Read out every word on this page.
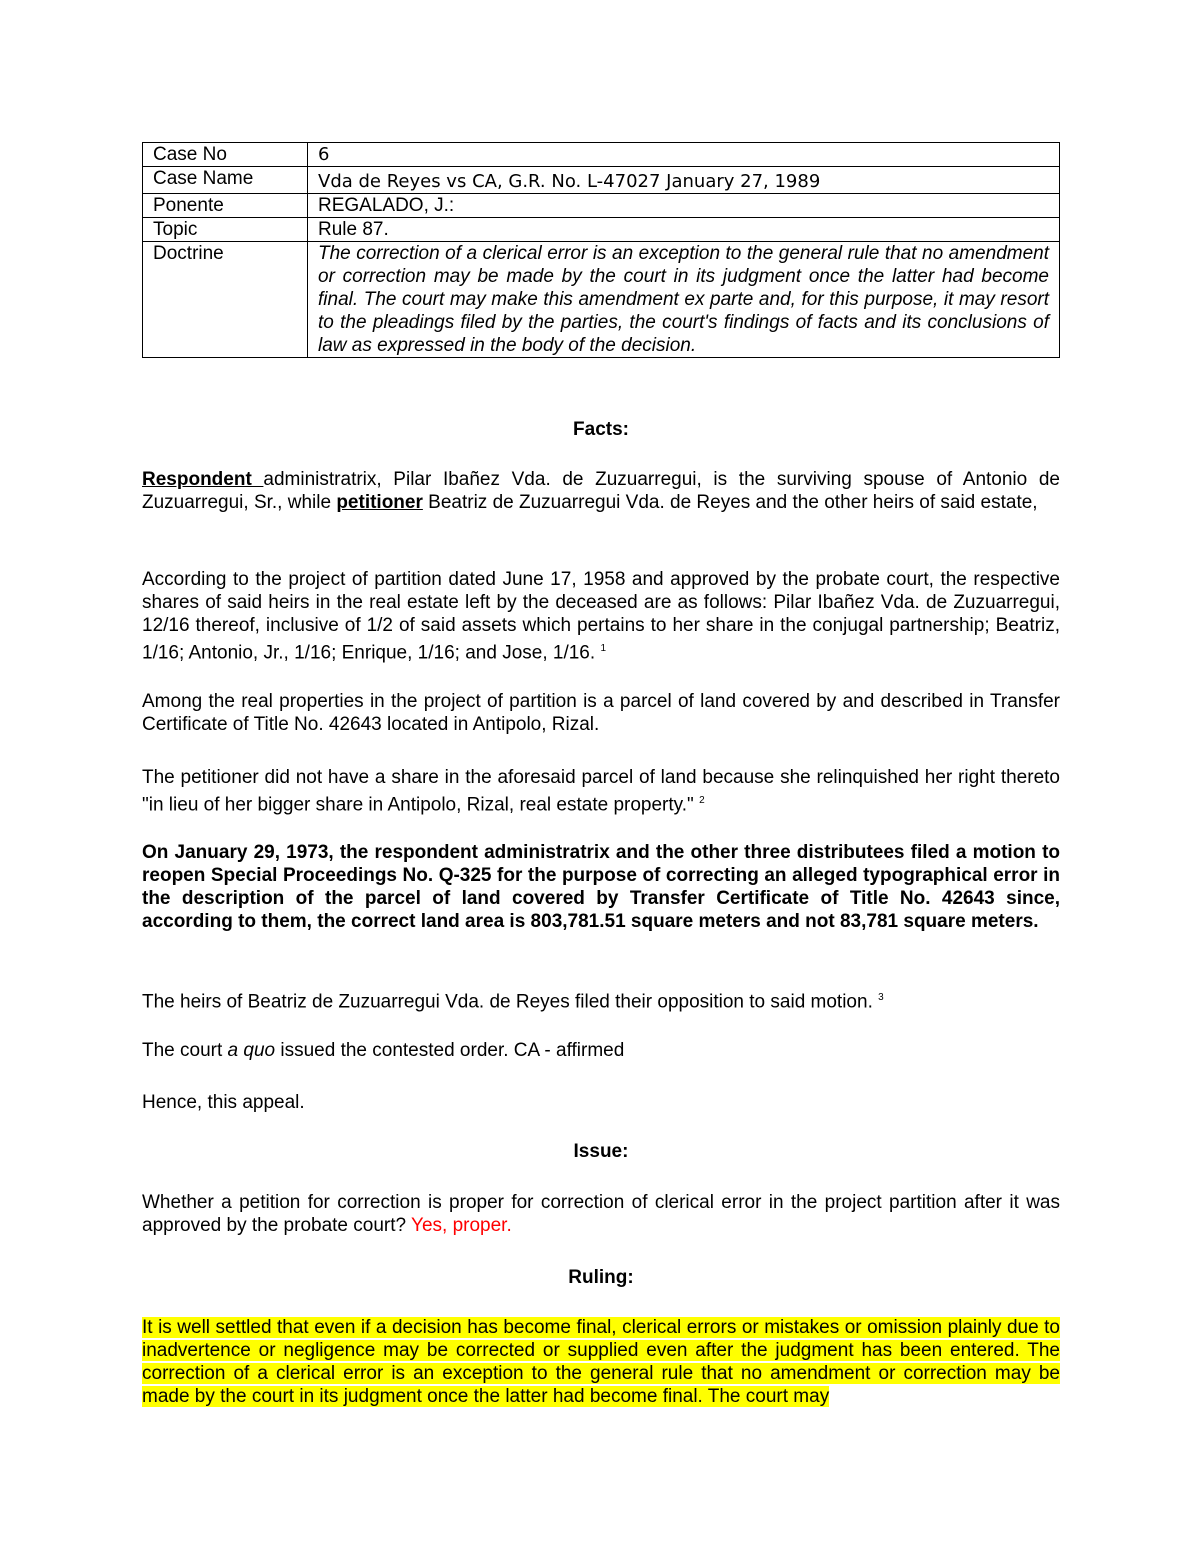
Case No	6
Case Name	Vda de Reyes vs CA, G.R. No. L-47027 January 27, 1989
Ponente	REGALADO, J.:
Topic	Rule 87.
Doctrine	The correction of a clerical error is an exception to the general rule that no amendment or correction may be made by the court in its judgment once the latter had become final. The court may make this amendment ex parte and, for this purpose, it may resort to the pleadings filed by the parties, the court's findings of facts and its conclusions of law as expressed in the body of the decision.

Facts:

Respondent administratrix, Pilar Ibañez Vda. de Zuzuarregui, is the surviving spouse of Antonio de Zuzuarregui, Sr., while petitioner Beatriz de Zuzuarregui Vda. de Reyes and the other heirs of said estate,

According to the project of partition dated June 17, 1958 and approved by the probate court, the respective shares of said heirs in the real estate left by the deceased are as follows: Pilar Ibañez Vda. de Zuzuarregui, 12/16 thereof, inclusive of 1/2 of said assets which pertains to her share in the conjugal partnership; Beatriz, 1/16; Antonio, Jr., 1/16; Enrique, 1/16; and Jose, 1/16. $^1$

Among the real properties in the project of partition is a parcel of land covered by and described in Transfer Certificate of Title No. 42643 located in Antipolo, Rizal.

The petitioner did not have a share in the aforesaid parcel of land because she relinquished her right thereto "in lieu of her bigger share in Antipolo, Rizal, real estate property." $^2$

On January 29, 1973, the respondent administratrix and the other three distributees filed a motion to reopen Special Proceedings No. Q-325 for the purpose of correcting an alleged typographical error in the description of the parcel of land covered by Transfer Certificate of Title No. 42643 since, according to them, the correct land area is 803,781.51 square meters and not 83,781 square meters.

The heirs of Beatriz de Zuzuarregui Vda. de Reyes filed their opposition to said motion. $^3$

The court a quo issued the contested order. CA - affirmed

Hence, this appeal.

Issue:

Whether a petition for correction is proper for correction of clerical error in the project partition after it was approved by the probate court? Yes, proper.

Ruling:

It is well settled that even if a decision has become final, clerical errors or mistakes or omission plainly due to inadvertence or negligence may be corrected or supplied even after the judgment has been entered. The correction of a clerical error is an exception to the general rule that no amendment or correction may be made by the court in its judgment once the latter had become final. The court may
